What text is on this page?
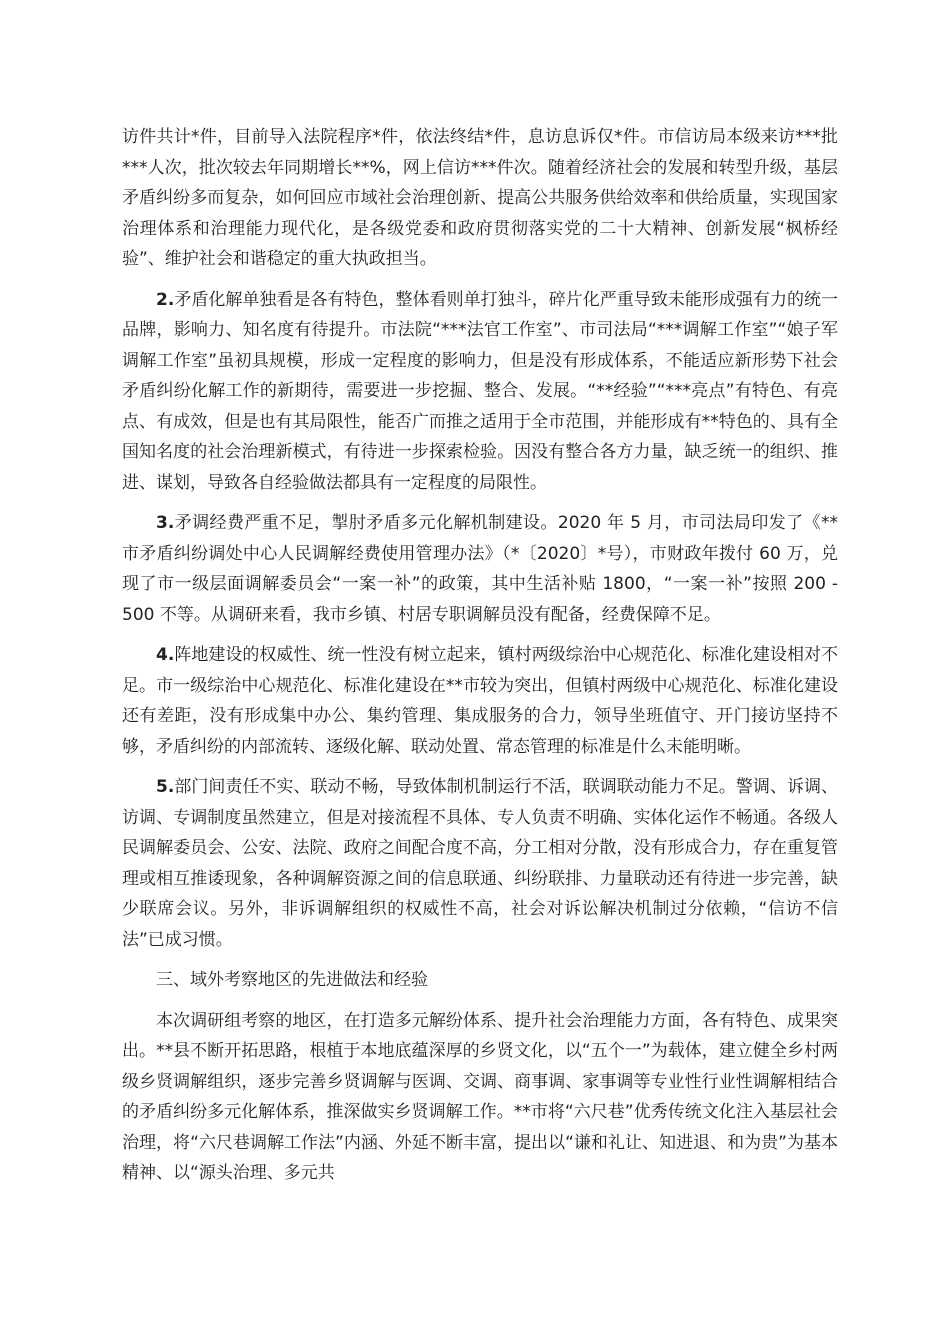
访件共计*件，目前导入法院程序*件，依法终结*件，息访息诉仅*件。市信访局本级来访***批***人次，批次较去年同期增长**%，网上信访***件次。随着经济社会的发展和转型升级，基层矛盾纠纷多而复杂，如何回应市域社会治理创新、提高公共服务供给效率和供给质量，实现国家治理体系和治理能力现代化，是各级党委和政府贯彻落实党的二十大精神、创新发展“枫桥经验”、维护社会和谐稳定的重大执政担当。

2.矛盾化解单独看是各有特色，整体看则单打独斗，碎片化严重导致未能形成强有力的统一品牌，影响力、知名度有待提升。市法院“***法官工作室”、市司法局“***调解工作室”“娘子军调解工作室”虽初具规模，形成一定程度的影响力，但是没有形成体系，不能适应新形势下社会矛盾纠纷化解工作的新期待，需要进一步挖掘、整合、发展。“**经验”“***亮点”有特色、有亮点、有成效，但是也有其局限性，能否广而推之适用于全市范围，并能形成有**特色的、具有全国知名度的社会治理新模式，有待进一步探索检验。因没有整合各方力量，缺乏统一的组织、推进、谋划，导致各自经验做法都具有一定程度的局限性。

3.矛调经费严重不足，掣肘矛盾多元化解机制建设。2020 年 5 月，市司法局印发了《**市矛盾纠纷调处中心人民调解经费使用管理办法》（*〔2020〕*号），市财政年拨付 60 万，兑现了市一级层面调解委员会“一案一补”的政策，其中生活补贴 1800，“一案一补”按照 200 - 500 不等。从调研来看，我市乡镇、村居专职调解员没有配备，经费保障不足。

4.阵地建设的权威性、统一性没有树立起来，镇村两级综治中心规范化、标准化建设相对不足。市一级综治中心规范化、标准化建设在**市较为突出，但镇村两级中心规范化、标准化建设还有差距，没有形成集中办公、集约管理、集成服务的合力，领导坐班值守、开门接访坚持不够，矛盾纠纷的内部流转、逐级化解、联动处置、常态管理的标准是什么未能明晰。

5.部门间责任不实、联动不畅，导致体制机制运行不活，联调联动能力不足。警调、诉调、访调、专调制度虽然建立，但是对接流程不具体、专人负责不明确、实体化运作不畅通。各级人民调解委员会、公安、法院、政府之间配合度不高，分工相对分散，没有形成合力，存在重复管理或相互推诿现象，各种调解资源之间的信息联通、纠纷联排、力量联动还有待进一步完善，缺少联席会议。另外，非诉调解组织的权威性不高，社会对诉讼解决机制过分依赖，“信访不信法”已成习惯。

三、域外考察地区的先进做法和经验

本次调研组考察的地区，在打造多元解纷体系、提升社会治理能力方面，各有特色、成果突出。**县不断开拓思路，根植于本地底蕴深厚的乡贤文化，以“五个一”为载体，建立健全乡村两级乡贤调解组织，逐步完善乡贤调解与医调、交调、商事调、家事调等专业性行业性调解相结合的矛盾纠纷多元化解体系，推深做实乡贤调解工作。**市将“六尺巷”优秀传统文化注入基层社会治理，将“六尺巷调解工作法”内涵、外延不断丰富，提出以“谦和礼让、知进退、和为贵”为基本精神、以“源头治理、多元共
